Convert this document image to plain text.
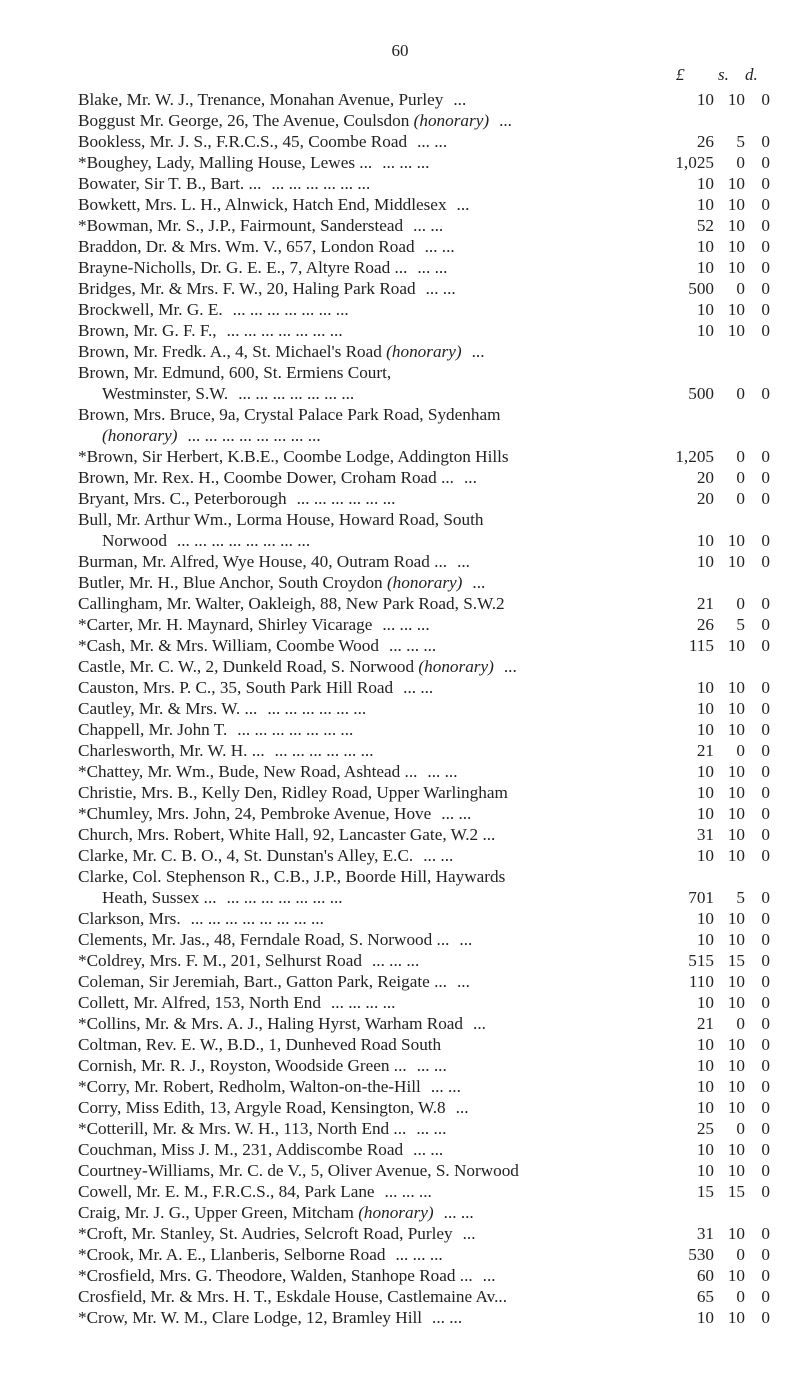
60
£ s. d.
Blake, Mr. W. J., Trenance, Monahan Avenue, Purley ...	10 10 0
Boggust Mr. George, 26, The Avenue, Coulsdon (honorary) ...
Bookless, Mr. J. S., F.R.C.S., 45, Coombe Road ... ...	26	5 0
*Boughey, Lady, Malling House, Lewes ... ... ... ...	1,025	0 0
Bowater, Sir T. B., Bart. ... ... ... ... ... ... ...	10 10 0
Bowkett, Mrs. L. H., Alnwick, Hatch End, Middlesex ...	10 10 0
*Bowman, Mr. S., J.P., Fairmount, Sanderstead ... ...	52 10 0
Braddon, Dr. & Mrs. Wm. V., 657, London Road ... ...	10 10 0
Brayne-Nicholls, Dr. G. E. E., 7, Altyre Road ... ... ...	10 10 0
Bridges, Mr. & Mrs. F. W., 20, Haling Park Road ... ...	500	0 0
Brockwell, Mr. G. E. ... ... ... ... ... ... ...	10 10 0
Brown, Mr. G. F. F., ... ... ... ... ... ... ...	10 10 0
Brown, Mr. Fredk. A., 4, St. Michael's Road (honorary) ...
Brown, Mr. Edmund, 600, St. Ermiens Court,
Westminster, S.W. ... ... ... ... ... ... ...	500	0 0
Brown, Mrs. Bruce, 9a, Crystal Palace Park Road, Sydenham
(honorary) ... ... ... ... ... ... ... ...
*Brown, Sir Herbert, K.B.E., Coombe Lodge, Addington Hills	1,205	0 0
Brown, Mr. Rex. H., Coombe Dower, Croham Road ... ...	20	0 0
Bryant, Mrs. C., Peterborough ... ... ... ... ... ...	20	0 0
Bull, Mr. Arthur Wm., Lorma House, Howard Road, South
Norwood ... ... ... ... ... ... ... ...	10 10 0
Burman, Mr. Alfred, Wye House, 40, Outram Road ... ...	10 10 0
Butler, Mr. H., Blue Anchor, South Croydon (honorary) ...
Callingham, Mr. Walter, Oakleigh, 88, New Park Road, S.W.2	21	0 0
*Carter, Mr. H. Maynard, Shirley Vicarage ... ... ...	26	5 0
*Cash, Mr. & Mrs. William, Coombe Wood ... ... ...	115 10 0
Castle, Mr. C. W., 2, Dunkeld Road, S. Norwood (honorary) ...
Causton, Mrs. P. C., 35, South Park Hill Road ... ...	10 10 0
Cautley, Mr. & Mrs. W. ... ... ... ... ... ... ...	10 10 0
Chappell, Mr. John T. ... ... ... ... ... ... ...	10 10 0
Charlesworth, Mr. W. H. ... ... ... ... ... ... ...	21	0 0
*Chattey, Mr. Wm., Bude, New Road, Ashtead ... ... ...	10 10 0
Christie, Mrs. B., Kelly Den, Ridley Road, Upper Warlingham	10 10 0
*Chumley, Mrs. John, 24, Pembroke Avenue, Hove ... ...	10 10 0
Church, Mrs. Robert, White Hall, 92, Lancaster Gate, W.2 ...	31 10 0
Clarke, Mr. C. B. O., 4, St. Dunstan's Alley, E.C. ... ...	10 10 0
Clarke, Col. Stephenson R., C.B., J.P., Boorde Hill, Haywards
Heath, Sussex ... ... ... ... ... ... ... ...	701	5 0
Clarkson, Mrs. ... ... ... ... ... ... ... ...	10 10 0
Clements, Mr. Jas., 48, Ferndale Road, S. Norwood ... ...	10 10 0
*Coldrey, Mrs. F. M., 201, Selhurst Road ... ... ...	515 15 0
Coleman, Sir Jeremiah, Bart., Gatton Park, Reigate ... ...	110 10 0
Collett, Mr. Alfred, 153, North End ... ... ... ...	10 10 0
*Collins, Mr. & Mrs. A. J., Haling Hyrst, Warham Road ...	21	0 0
Coltman, Rev. E. W., B.D., 1, Dunheved Road South	10 10 0
Cornish, Mr. R. J., Royston, Woodside Green ... ... ...	10 10 0
*Corry, Mr. Robert, Redholm, Walton-on-the-Hill ... ...	10 10 0
Corry, Miss Edith, 13, Argyle Road, Kensington, W.8 ...	10 10 0
*Cotterill, Mr. & Mrs. W. H., 113, North End ... ... ...	25	0 0
Couchman, Miss J. M., 231, Addiscombe Road ... ...	10 10 0
Courtney-Williams, Mr. C. de V., 5, Oliver Avenue, S. Norwood	10 10 0
Cowell, Mr. E. M., F.R.C.S., 84, Park Lane ... ... ...	15 15 0
Craig, Mr. J. G., Upper Green, Mitcham (honorary) ... ...
*Croft, Mr. Stanley, St. Audries, Selcroft Road, Purley ...	31 10 0
*Crook, Mr. A. E., Llanberis, Selborne Road ... ... ...	530	0 0
*Crosfield, Mrs. G. Theodore, Walden, Stanhope Road ... ...	60 10 0
Crosfield, Mr. & Mrs. H. T., Eskdale House, Castlemaine Av...	65	0 0
*Crow, Mr. W. M., Clare Lodge, 12, Bramley Hill ... ...	10 10 0
